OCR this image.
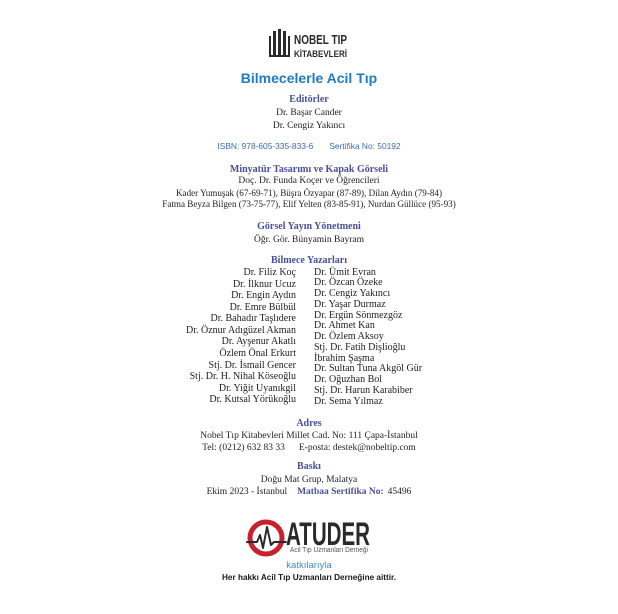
NOBEL TIP
KİTABEVLERİ
Bilmecelerle Acil Tıp
Editörler
Dr. Başar Cander
Dr. Cengiz Yakıncı
ISBN: 978-605-335-833-6 Sertifika No: 50192
Minyatür Tasarımı ve Kapak Görseli
Doç. Dr. Funda Koçer ve Öğrencileri
Kader Yumuşak (67-69-71), Büşra Özyapar (87-89), Dilan Aydın (79-84)
Fatma Beyza Bilgen (73-75-77), Elif Yelten (83-85-91), Nurdan Güllüce (95-93)
Görsel Yayın Yönetmeni
Öğr. Gör. Bünyamin Bayram
Bilmece Yazarları
Dr. Filiz Koç
Dr. İlknur Ucuz
Dr. Engin Aydın
Dr. Emre Bülbül
Dr. Bahadır Taşlıdere
Dr. Öznur Adıgüzel Akman
Dr. Ayşenur Akatlı
Özlem Önal Erkurt
Stj. Dr. İsmail Gencer
Stj. Dr. H. Nihal Köseoğlu
Dr. Yiğit Uyanıkgil
Dr. Kutsal Yörükoğlu
Dr. Ümit Evran
Dr. Özcan Özeke
Dr. Cengiz Yakıncı
Dr. Yaşar Durmaz
Dr. Ergün Sönmezgöz
Dr. Ahmet Kan
Dr. Özlem Aksoy
Stj. Dr. Fatih Dişlioğlu
İbrahim Şaşma
Dr. Sultan Tuna Akgöl Gür
Dr. Oğuzhan Bol
Stj. Dr. Harun Karabiber
Dr. Sema Yılmaz
Adres
Nobel Tıp Kitabevleri Millet Cad. No: 111 Çapa-İstanbul
Tel: (0212) 632 83 33 E-posta: destek@nobeltip.com
Baskı
Doğu Mat Grup, Malatya
Ekim 2023 - İstanbul Matbaa Sertifika No: 45496
ATUDER
Acil Tıp Uzmanları Derneği
katkılarıyla
Her hakkı Acil Tıp Uzmanları Derneğine aittir.
